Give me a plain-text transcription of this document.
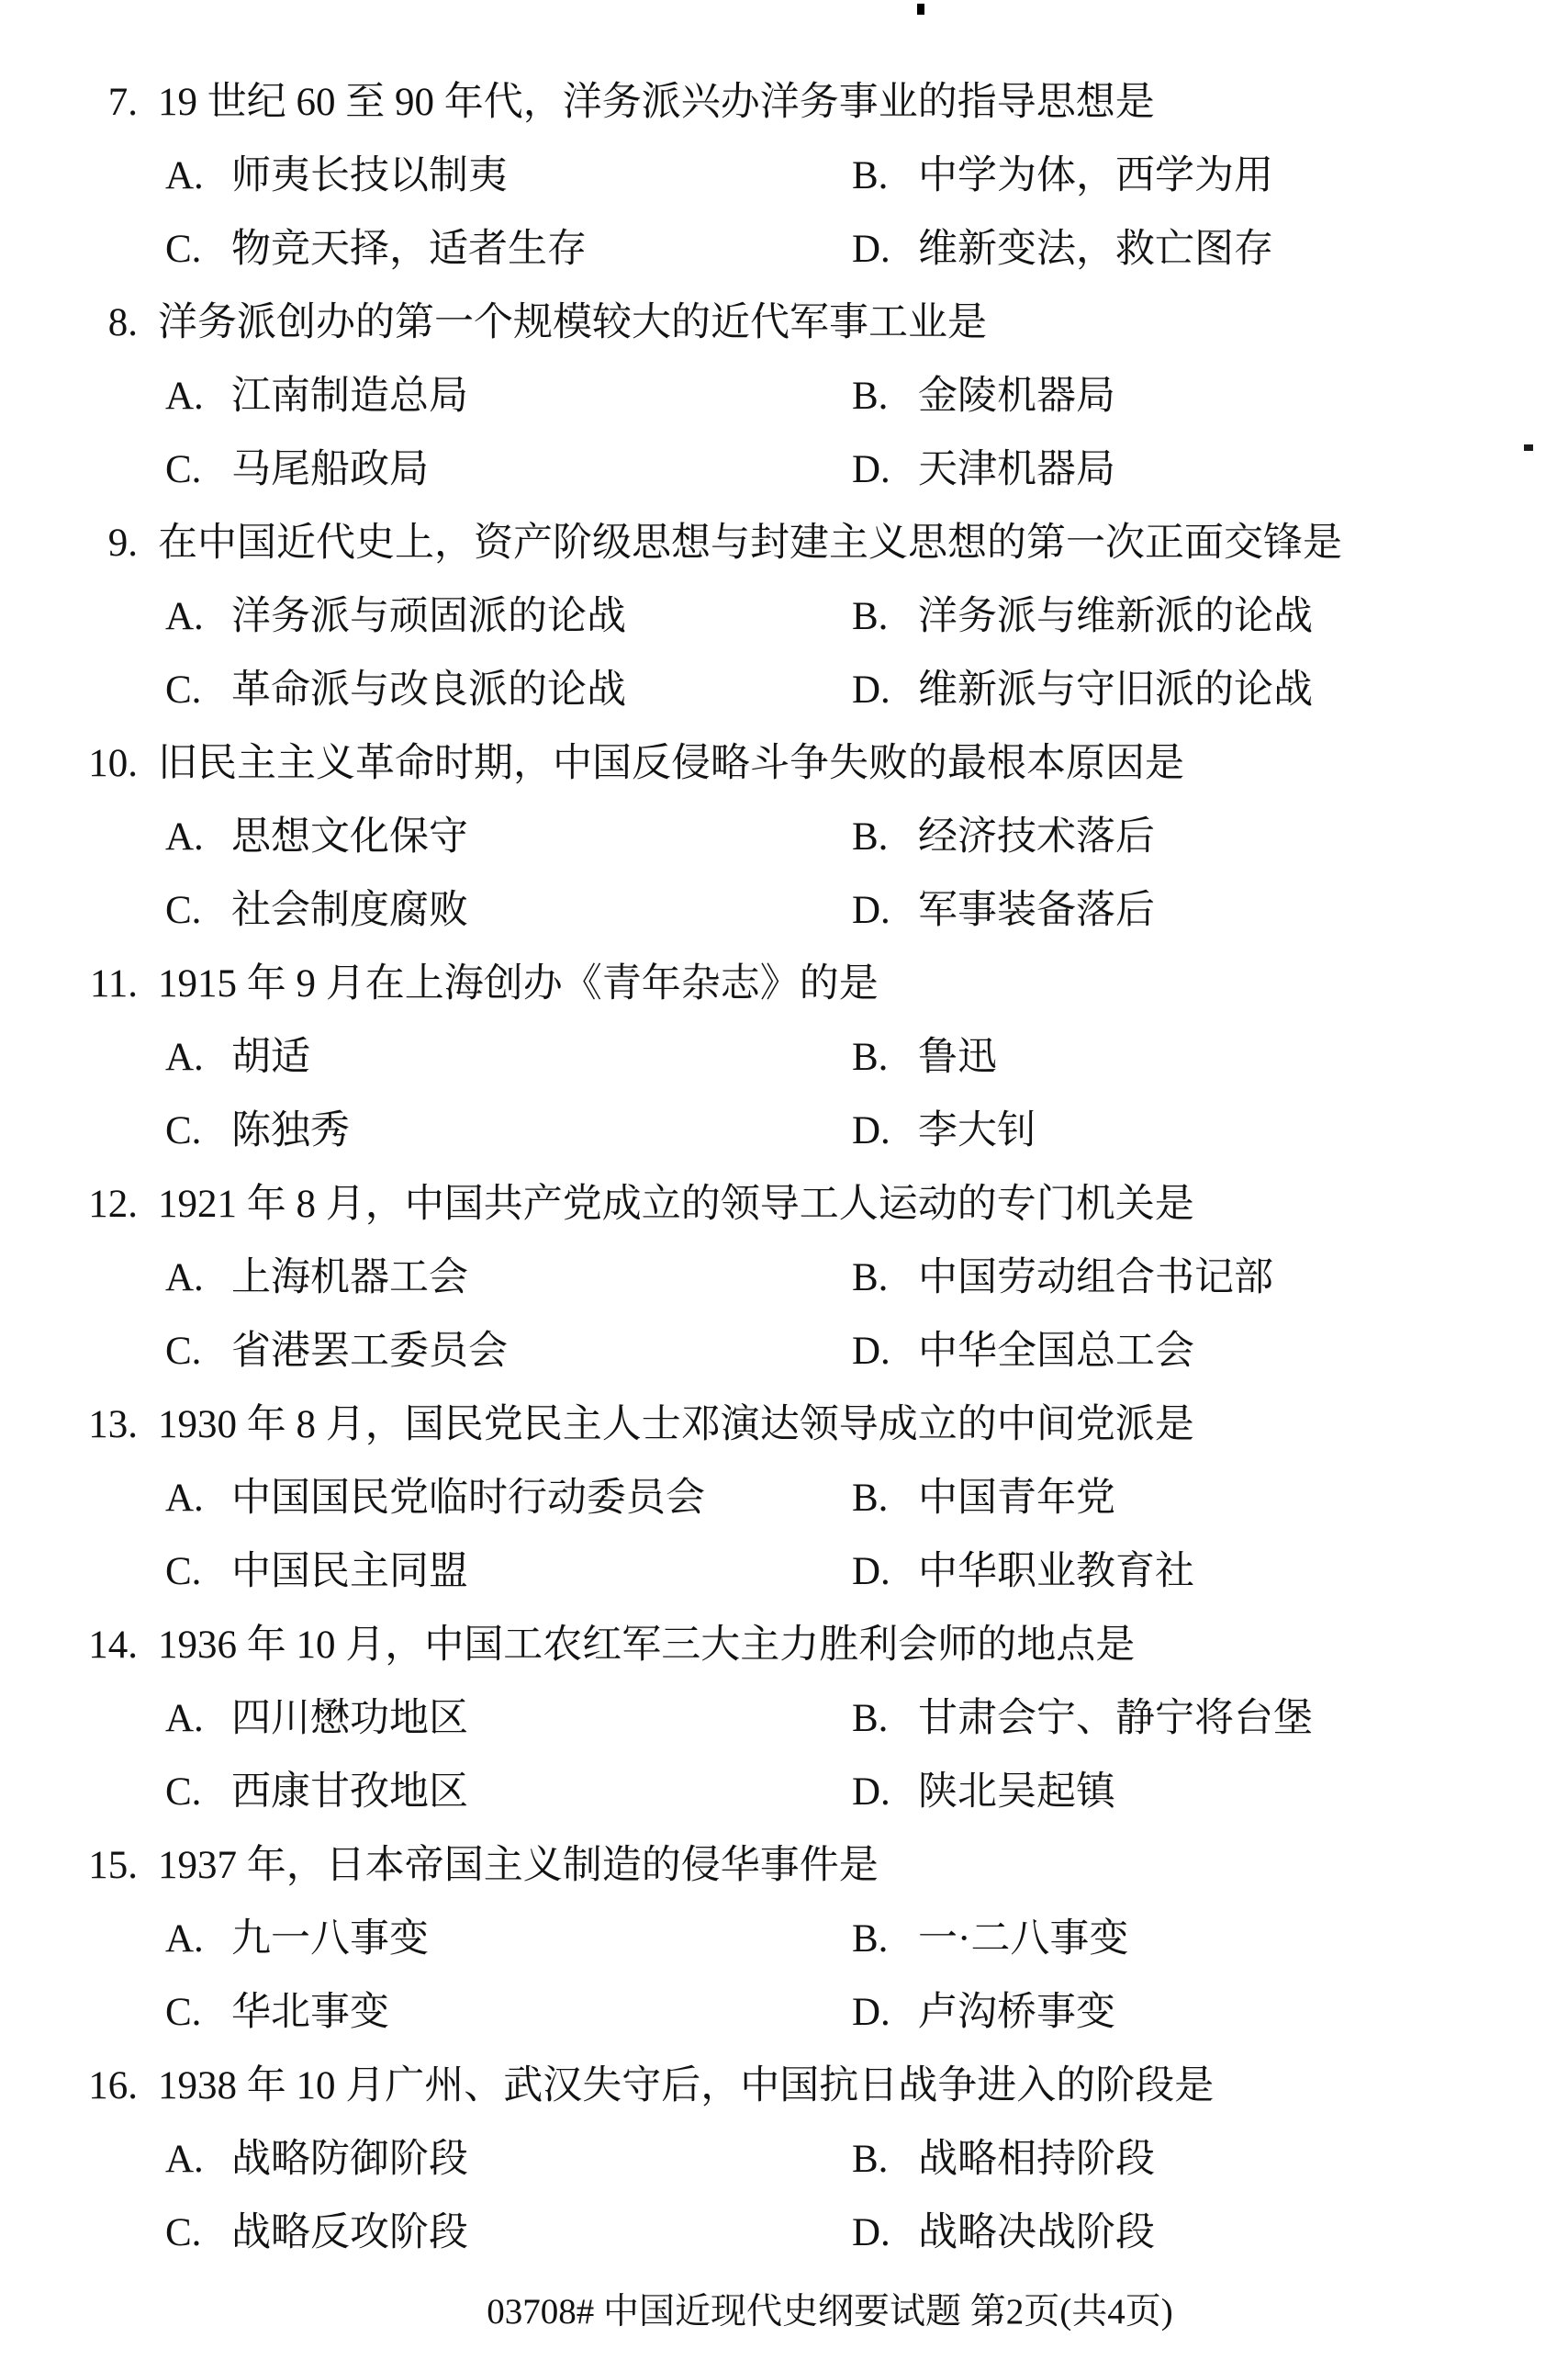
7. 19 世纪 60 至 90 年代，洋务派兴办洋务事业的指导思想是
A. 师夷长技以制夷	B. 中学为体，西学为用
C. 物竞天择，适者生存	D. 维新变法，救亡图存
8. 洋务派创办的第一个规模较大的近代军事工业是
A. 江南制造总局	B. 金陵机器局
C. 马尾船政局	D. 天津机器局
9. 在中国近代史上，资产阶级思想与封建主义思想的第一次正面交锋是
A. 洋务派与顽固派的论战	B. 洋务派与维新派的论战
C. 革命派与改良派的论战	D. 维新派与守旧派的论战
10. 旧民主主义革命时期，中国反侵略斗争失败的最根本原因是
A. 思想文化保守	B. 经济技术落后
C. 社会制度腐败	D. 军事装备落后
11. 1915 年 9 月在上海创办《青年杂志》的是
A. 胡适	B. 鲁迅
C. 陈独秀	D. 李大钊
12. 1921 年 8 月，中国共产党成立的领导工人运动的专门机关是
A. 上海机器工会	B. 中国劳动组合书记部
C. 省港罢工委员会	D. 中华全国总工会
13. 1930 年 8 月，国民党民主人士邓演达领导成立的中间党派是
A. 中国国民党临时行动委员会	B. 中国青年党
C. 中国民主同盟	D. 中华职业教育社
14. 1936 年 10 月，中国工农红军三大主力胜利会师的地点是
A. 四川懋功地区	B. 甘肃会宁、静宁将台堡
C. 西康甘孜地区	D. 陕北吴起镇
15. 1937 年，日本帝国主义制造的侵华事件是
A. 九一八事变	B. 一·二八事变
C. 华北事变	D. 卢沟桥事变
16. 1938 年 10 月广州、武汉失守后，中国抗日战争进入的阶段是
A. 战略防御阶段	B. 战略相持阶段
C. 战略反攻阶段	D. 战略决战阶段
03708# 中国近现代史纲要试题 第2页(共4页)
